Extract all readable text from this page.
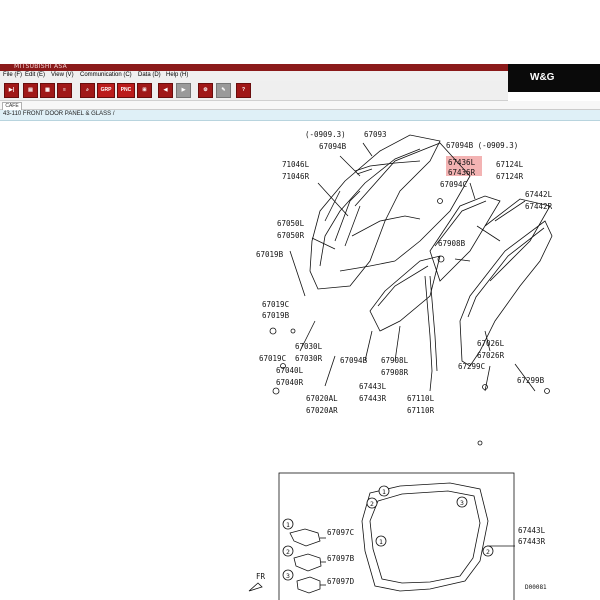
MITSUBISHI ASA
W&G
File (F) Edit (E) View (V) Communication (C) Data (D) Help (H)
▶|	▤	▦	≡	⌕	GRP	PNC	⊞	◀	▶	⚙	✎	?
CAFE
43-110 FRONT DOOR PANEL & GLASS /
1
2	3
1
2
3
1
2
(-0909.3) 67093
67094B (-0909.3)
67094B
71046L
71046R
67436L
67436R
67094C
67124L
67124R
67442L
67442R
67050L
67050R
67908B
67019B
67019C
67019B
67019C
67030L
67030R
67040L
67040R
67020AL
67020AR
67094B 67908L
67908R
67443L
67443R	67110L
67110R
67026L
67026R
67299C
67299B
67097C
67097B
67097D
67443L
67443R
D00081
FR
